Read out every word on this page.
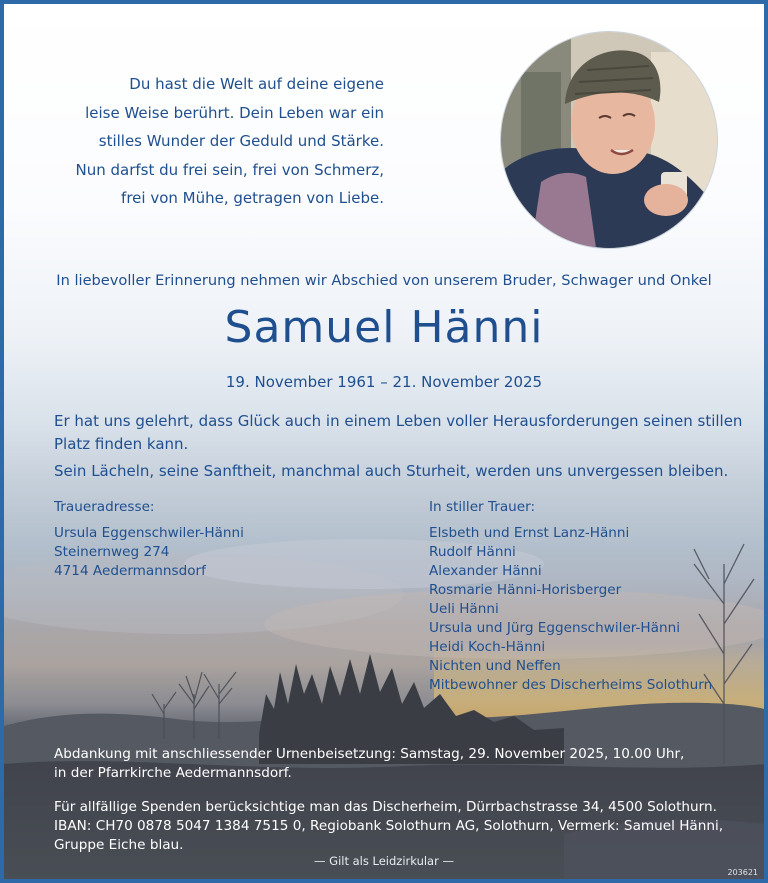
Du hast die Welt auf deine eigene
leise Weise berührt. Dein Leben war ein
stilles Wunder der Geduld und Stärke.
Nun darfst du frei sein, frei von Schmerz,
frei von Mühe, getragen von Liebe.
In liebevoller Erinnerung nehmen wir Abschied von unserem Bruder, Schwager und Onkel
Samuel Hänni
19. November 1961 – 21. November 2025
Er hat uns gelehrt, dass Glück auch in einem Leben voller Herausforderungen seinen stillen Platz finden kann.
Sein Lächeln, seine Sanftheit, manchmal auch Sturheit, werden uns unvergessen bleiben.
Traueradresse:
Ursula Eggenschwiler-Hänni
Steinernweg 274
4714 Aedermannsdorf
In stiller Trauer:
Elsbeth und Ernst Lanz-Hänni
Rudolf Hänni
Alexander Hänni
Rosmarie Hänni-Horisberger
Ueli Hänni
Ursula und Jürg Eggenschwiler-Hänni
Heidi Koch-Hänni
Nichten und Neffen
Mitbewohner des Discherheims Solothurn
Abdankung mit anschliessender Urnenbeisetzung: Samstag, 29. November 2025, 10.00 Uhr,
in der Pfarrkirche Aedermannsdorf.
Für allfällige Spenden berücksichtige man das Discherheim, Dürrbachstrasse 34, 4500 Solothurn.
IBAN: CH70 0878 5047 1384 7515 0, Regiobank Solothurn AG, Solothurn, Vermerk: Samuel Hänni,
Gruppe Eiche blau.
— Gilt als Leidzirkular —
203621
